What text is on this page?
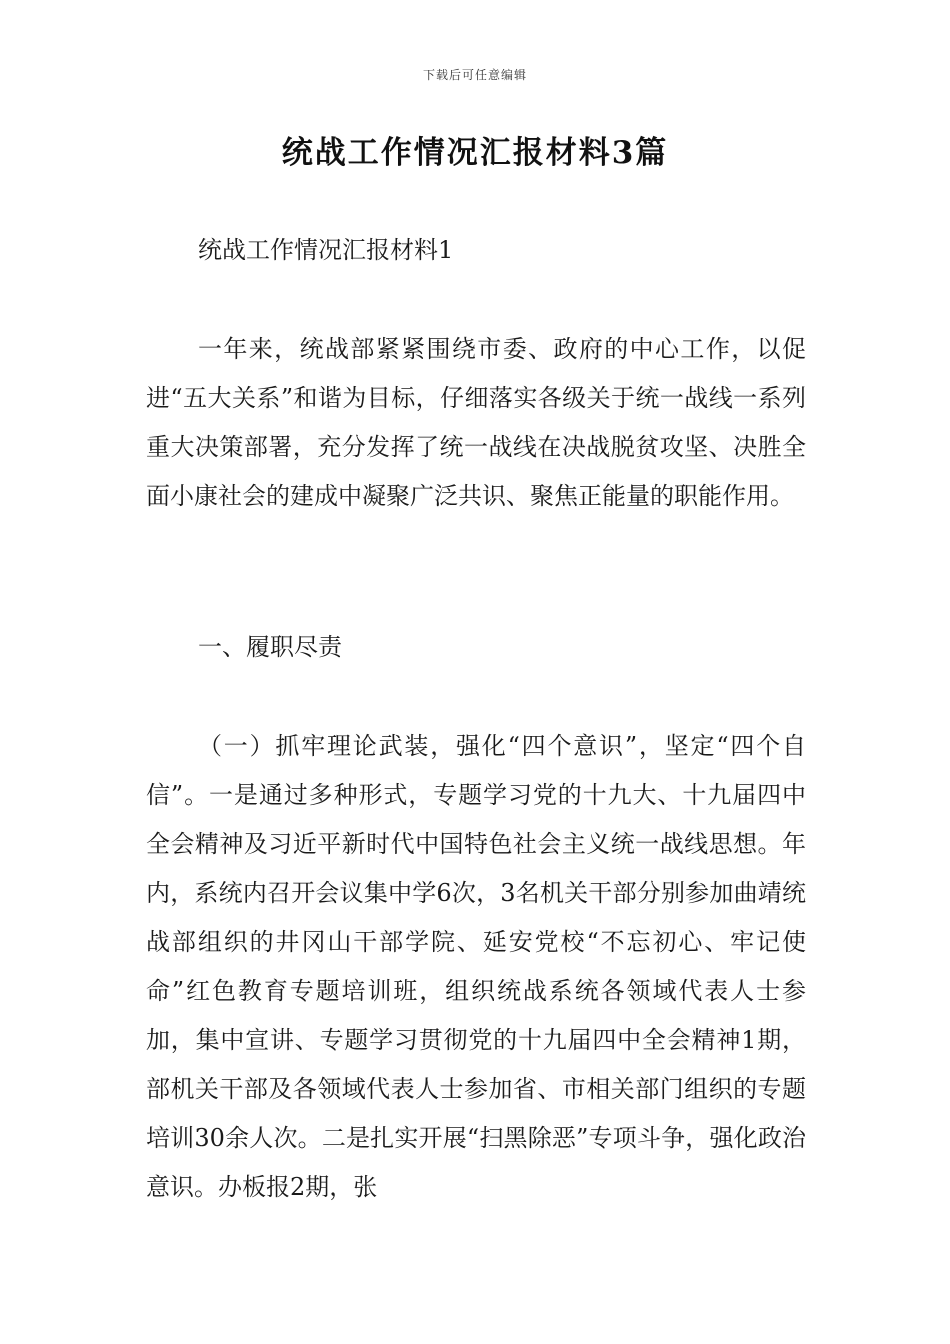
下载后可任意编辑
统战工作情况汇报材料3篇
统战工作情况汇报材料1
一年来，统战部紧紧围绕市委、政府的中心工作，以促进“五大关系”和谐为目标，仔细落实各级关于统一战线一系列重大决策部署，充分发挥了统一战线在决战脱贫攻坚、决胜全面小康社会的建成中凝聚广泛共识、聚焦正能量的职能作用。
一、履职尽责
（一）抓牢理论武装，强化“四个意识”，坚定“四个自信”。一是通过多种形式，专题学习党的十九大、十九届四中全会精神及习近平新时代中国特色社会主义统一战线思想。年内，系统内召开会议集中学6次，3名机关干部分别参加曲靖统战部组织的井冈山干部学院、延安党校“不忘初心、牢记使命”红色教育专题培训班，组织统战系统各领域代表人士参加，集中宣讲、专题学习贯彻党的十九届四中全会精神1期，部机关干部及各领域代表人士参加省、市相关部门组织的专题培训30余人次。二是扎实开展“扫黑除恶”专项斗争，强化政治意识。办板报2期，张
